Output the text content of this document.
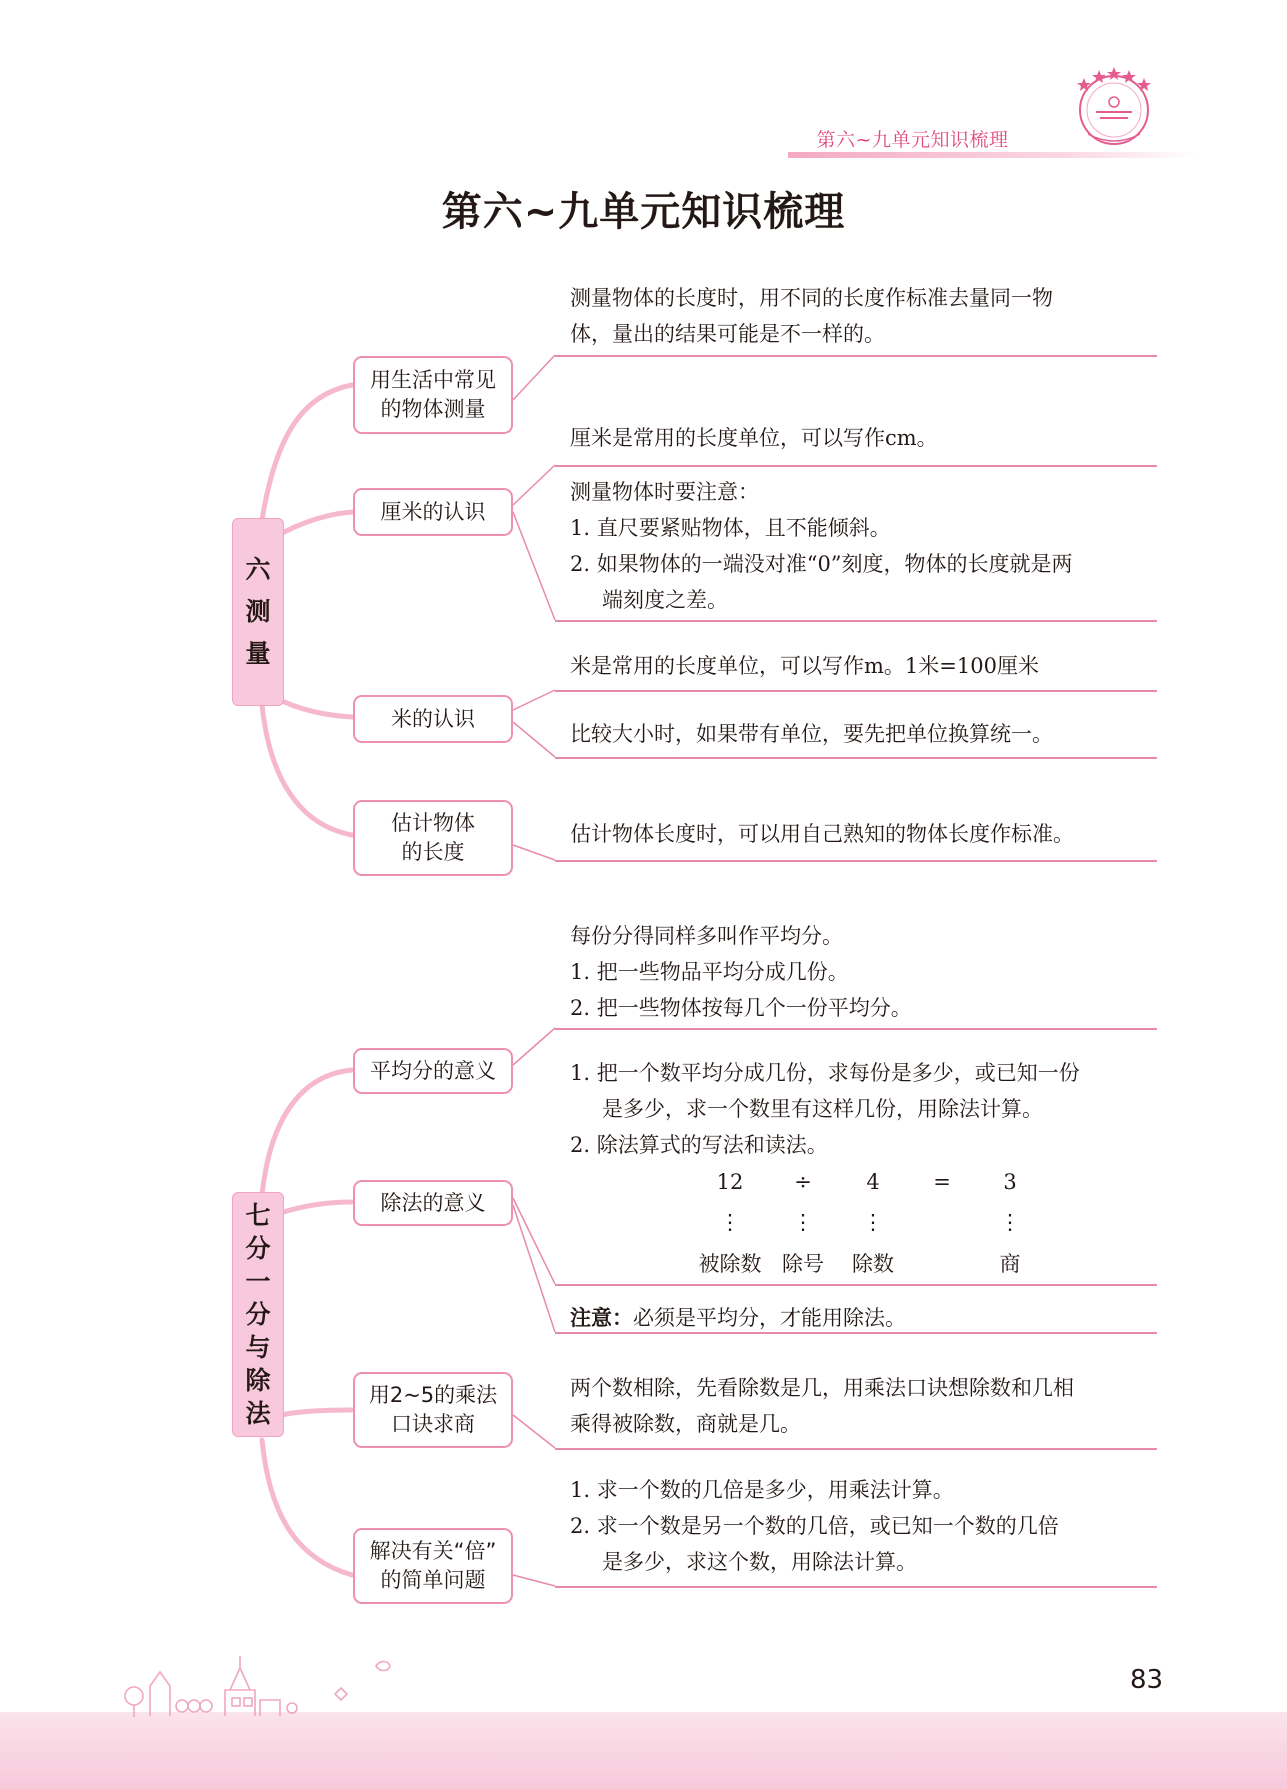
第六~九单元知识梳理
第六~九单元知识梳理
六
测
量
用生活中常见
的物体测量
厘米的认识
米的认识
估计物体
的长度
测量物体的长度时，用不同的长度作标准去量同一物
体，量出的结果可能是不一样的。
厘米是常用的长度单位，可以写作cm。
测量物体时要注意：
1. 直尺要紧贴物体，且不能倾斜。
2. 如果物体的一端没对准“0”刻度，物体的长度就是两
端刻度之差。
米是常用的长度单位，可以写作m。1米=100厘米
比较大小时，如果带有单位，要先把单位换算统一。
估计物体长度时，可以用自己熟知的物体长度作标准。
七
分
一
分
与
除
法
平均分的意义
除法的意义
用2~5的乘法
口诀求商
解决有关“倍”
的简单问题
每份分得同样多叫作平均分。
1. 把一些物品平均分成几份。
2. 把一些物体按每几个一份平均分。
1. 把一个数平均分成几份，求每份是多少，或已知一份
是多少，求一个数里有这样几份，用除法计算。
2. 除法算式的写法和读法。
12	÷	4	=	3
⋮	⋮	⋮	⋮
被除数 除号	除数	商
注意：必须是平均分，才能用除法。
两个数相除，先看除数是几，用乘法口诀想除数和几相
乘得被除数，商就是几。
1. 求一个数的几倍是多少，用乘法计算。
2. 求一个数是另一个数的几倍，或已知一个数的几倍
是多少，求这个数，用除法计算。
83
